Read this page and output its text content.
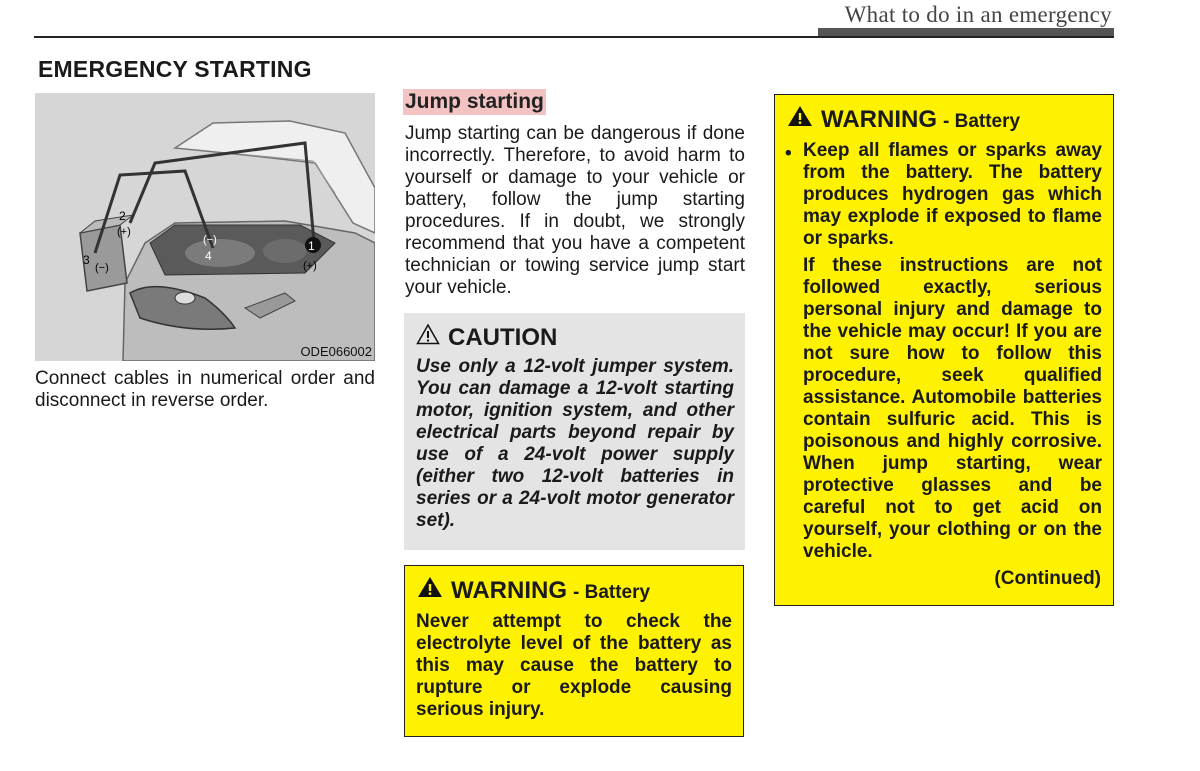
What to do in an emergency
EMERGENCY STARTING
1
(+)
2
(+)
3
(−)
4
(−)
ODE066002
Connect cables in numerical order and disconnect in reverse order.
Jump starting
Jump starting can be dangerous if done incorrectly. Therefore, to avoid harm to yourself or damage to your vehicle or battery, follow the jump starting procedures. If in doubt, we strongly recommend that you have a competent technician or towing service jump start your vehicle.
CAUTION
Use only a 12-volt jumper system. You can damage a 12-volt starting motor, ignition system, and other electrical parts beyond repair by use of a 24-volt power supply (either two 12-volt batteries in series or a 24-volt motor generator set).
WARNING - Battery
Never attempt to check the electrolyte level of the battery as this may cause the battery to rupture or explode causing serious injury.
WARNING - Battery
• Keep all flames or sparks away from the battery. The battery produces hydrogen gas which may explode if exposed to flame or sparks.
If these instructions are not followed exactly, serious personal injury and damage to the vehicle may occur! If you are not sure how to follow this procedure, seek qualified assistance. Automobile batteries contain sulfuric acid. This is poisonous and highly corrosive. When jump starting, wear protective glasses and be careful not to get acid on yourself, your clothing or on the vehicle.
(Continued)
